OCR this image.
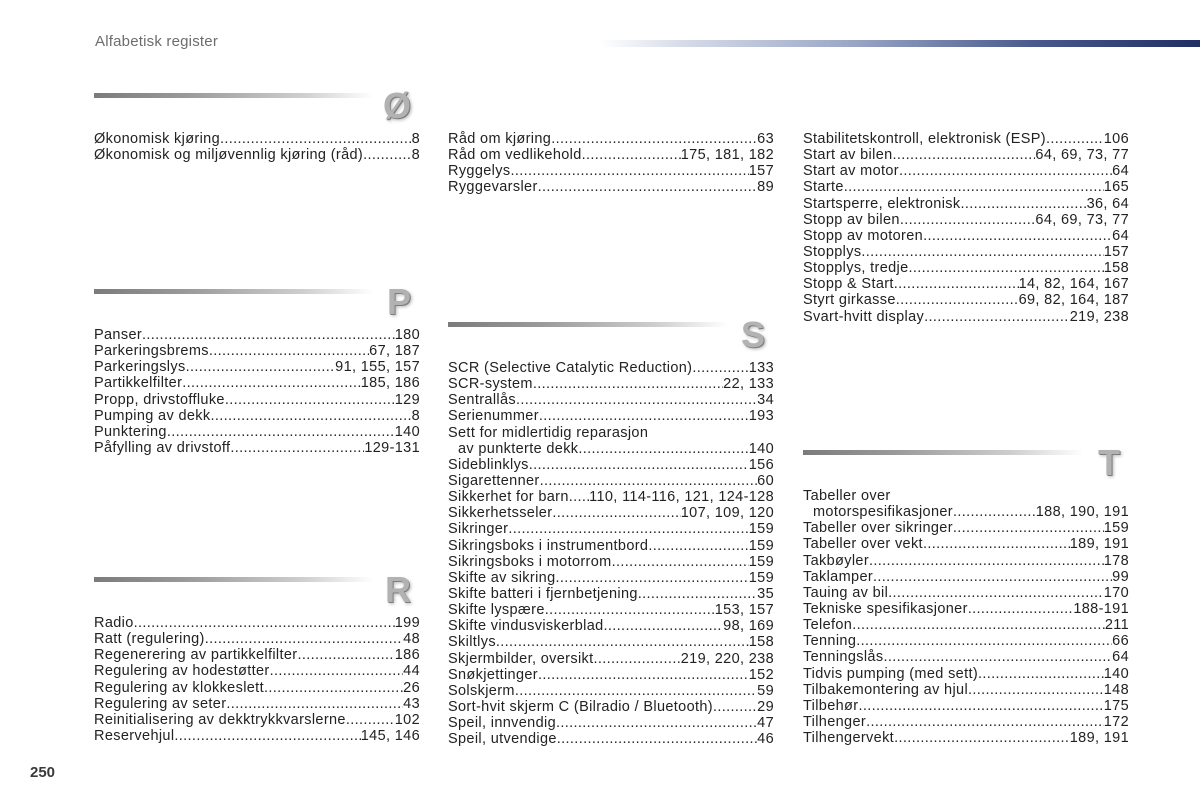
Alfabetisk register
Ø
Økonomisk kjøring .....	8
Økonomisk og miljøvennlig kjøring (råd) .....	8
P
Panser .....	180
Parkeringsbrems .....	67, 187
Parkeringslys .....	91, 155, 157
Partikkelfilter .....	185, 186
Propp, drivstoffluke .....	129
Pumping av dekk .....	8
Punktering .....	140
Påfylling av drivstoff .....	129-131
R
Radio .....	199
Ratt (regulering) .....	48
Regenerering av partikkelfilter .....	186
Regulering av hodestøtter .....	44
Regulering av klokkeslett .....	26
Regulering av seter .....	43
Reinitialisering av dekktrykkvarslerne .....	102
Reservehjul .....	145, 146
Råd om kjøring .....	63
Råd om vedlikehold .....	175, 181, 182
Ryggelys .....	157
Ryggevarsler .....	89
S
SCR (Selective Catalytic Reduction) .....	133
SCR-system .....	22, 133
Sentrallås .....	34
Serienummer .....	193
Sett for midlertidig reparasjon
av punkterte dekk .....	140
Sideblinklys .....	156
Sigarettenner .....	60
Sikkerhet for barn ..... 110, 114-116, 121, 124-128
Sikkerhetsseler .....	107, 109, 120
Sikringer .....	159
Sikringsboks i instrumentbord .....	159
Sikringsboks i motorrom .....	159
Skifte av sikring .....	159
Skifte batteri i fjernbetjening .....	35
Skifte lyspære .....	153, 157
Skifte vindusviskerblad .....	98, 169
Skiltlys .....	158
Skjermbilder, oversikt .....	219, 220, 238
Snøkjettinger .....	152
Solskjerm .....	59
Sort-hvit skjerm C (Bilradio / Bluetooth) .....	29
Speil, innvendig .....	47
Speil, utvendige .....	46
Stabilitetskontroll, elektronisk (ESP) .....	106
Start av bilen .....	64, 69, 73, 77
Start av motor .....	64
Starte .....	165
Startsperre, elektronisk .....	36, 64
Stopp av bilen .....	64, 69, 73, 77
Stopp av motoren .....	64
Stopplys .....	157
Stopplys, tredje .....	158
Stopp & Start .....	14, 82, 164, 167
Styrt girkasse .....	69, 82, 164, 187
Svart-hvitt display .....	219, 238
T
Tabeller over
motorspesifikasjoner .....	188, 190, 191
Tabeller over sikringer .....	159
Tabeller over vekt .....	189, 191
Takbøyler .....	178
Taklamper .....	99
Tauing av bil .....	170
Tekniske spesifikasjoner .....	188-191
Telefon .....	211
Tenning .....	66
Tenningslås .....	64
Tidvis pumping (med sett) .....	140
Tilbakemontering av hjul .....	148
Tilbehør .....	175
Tilhenger .....	172
Tilhengervekt .....	189, 191
250
